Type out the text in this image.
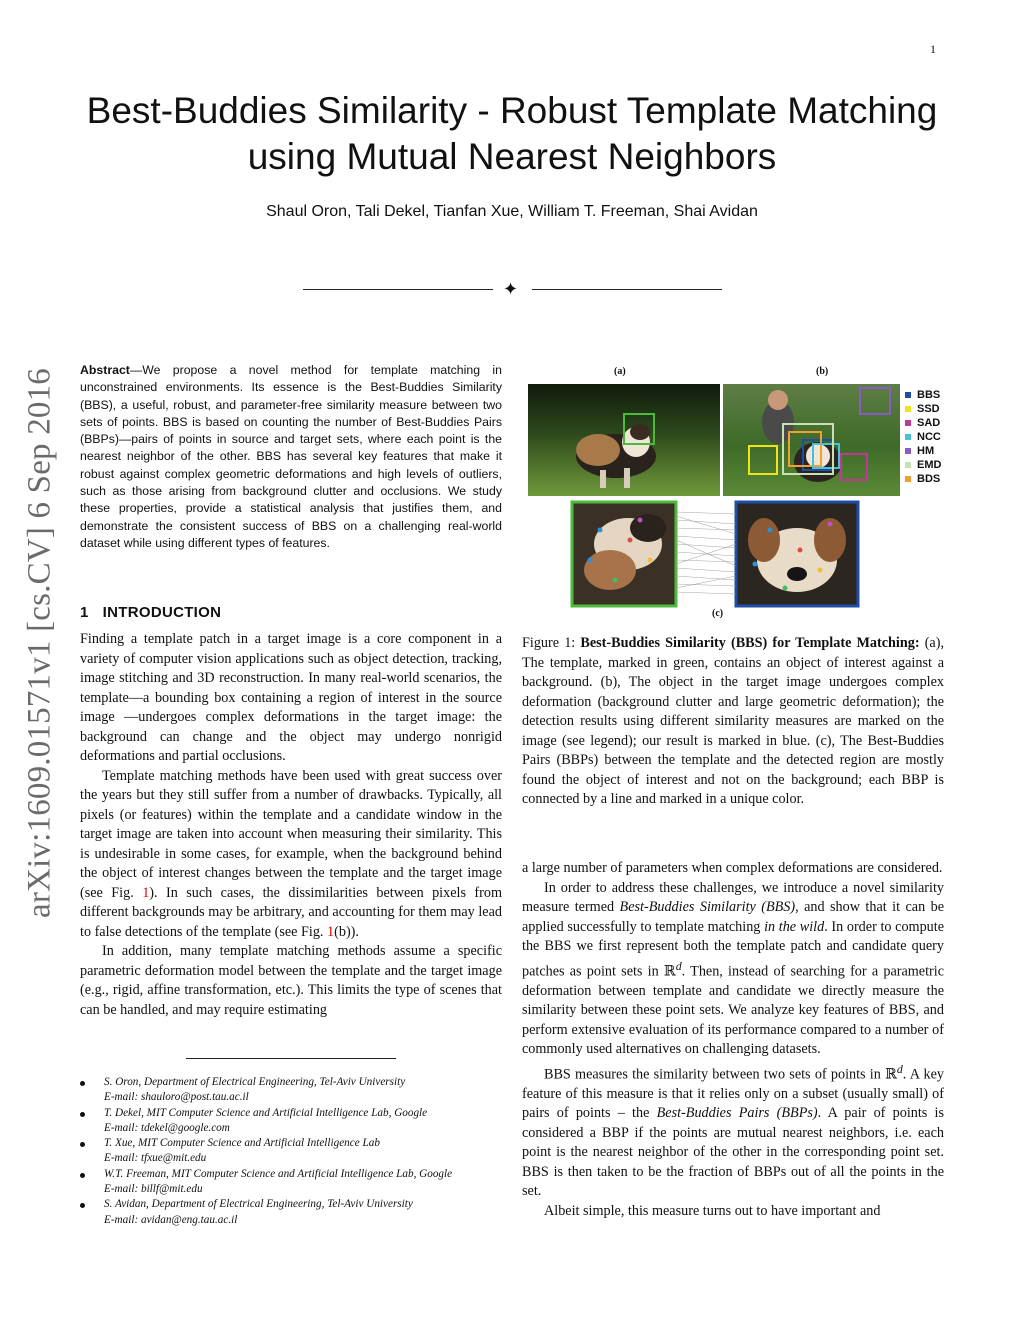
1
Best-Buddies Similarity - Robust Template Matching using Mutual Nearest Neighbors
Shaul Oron, Tali Dekel, Tianfan Xue, William T. Freeman, Shai Avidan
✦
arXiv:1609.01571v1 [cs.CV] 6 Sep 2016 Abstract—We propose a novel method for template matching in unconstrained environments. Its essence is the Best-Buddies Similarity (BBS), a useful, robust, and parameter-free similarity measure between two sets of points. BBS is based on counting the number of Best-Buddies Pairs (BBPs)—pairs of points in source and target sets, where each point is the nearest neighbor of the other. BBS has several key features that make it robust against complex geometric deformations and high levels of outliers, such as those arising from background clutter and occlusions. We study these properties, provide a statistical analysis that justifies them, and demonstrate the consistent success of BBS on a challenging real-world dataset while using different types of features.
1 INTRODUCTION

Finding a template patch in a target image is a core component in a variety of computer vision applications such as object detection, tracking, image stitching and 3D reconstruction. In many real-world scenarios, the template—a bounding box containing a region of interest in the source image —undergoes complex deformations in the target image: the background can change and the object may undergo nonrigid deformations and partial occlusions.

Template matching methods have been used with great success over the years but they still suffer from a number of drawbacks. Typically, all pixels (or features) within the template and a candidate window in the target image are taken into account when measuring their similarity. This is undesirable in some cases, for example, when the background behind the object of interest changes between the template and the target image (see Fig. 1). In such cases, the dissimilarities between pixels from different backgrounds may be arbitrary, and accounting for them may lead to false detections of the template (see Fig. 1(b)).

In addition, many template matching methods assume a specific parametric deformation model between the template and the target image (e.g., rigid, affine transformation, etc.). This limits the type of scenes that can be handled, and may require estimating

S. Oron, Department of Electrical Engineering, Tel-Aviv University
E-mail: shauloro@post.tau.ac.il
T. Dekel, MIT Computer Science and Artificial Intelligence Lab, Google
E-mail: tdekel@google.com
T. Xue, MIT Computer Science and Artificial Intelligence Lab
E-mail: tfxue@mit.edu
W.T. Freeman, MIT Computer Science and Artificial Intelligence Lab, Google
E-mail: billf@mit.edu
S. Avidan, Department of Electrical Engineering, Tel-Aviv University
E-mail: avidan@eng.tau.ac.il
(a)	(b)
BBS
SSD
SAD
NCC
HM
EMD
BDS
(c)
Figure 1: Best-Buddies Similarity (BBS) for Template Matching: (a), The template, marked in green, contains an object of interest against a background. (b), The object in the target image undergoes complex deformation (background clutter and large geometric deformation); the detection results using different similarity measures are marked on the image (see legend); our result is marked in blue. (c), The Best-Buddies Pairs (BBPs) between the template and the detected region are mostly found the object of interest and not on the background; each BBP is connected by a line and marked in a unique color.

a large number of parameters when complex deformations are considered.

In order to address these challenges, we introduce a novel similarity measure termed Best-Buddies Similarity (BBS), and show that it can be applied successfully to template matching in the wild. In order to compute the BBS we first represent both the template patch and candidate query patches as point sets in ℝ$^d$. Then, instead of searching for a parametric deformation between template and candidate we directly measure the similarity between these point sets. We analyze key features of BBS, and perform extensive evaluation of its performance compared to a number of commonly used alternatives on challenging datasets.

BBS measures the similarity between two sets of points in ℝ$^d$. A key feature of this measure is that it relies only on a subset (usually small) of pairs of points – the Best-Buddies Pairs (BBPs). A pair of points is considered a BBP if the points are mutual nearest neighbors, i.e. each point is the nearest neighbor of the other in the corresponding point set. BBS is then taken to be the fraction of BBPs out of all the points in the set.

Albeit simple, this measure turns out to have important and
